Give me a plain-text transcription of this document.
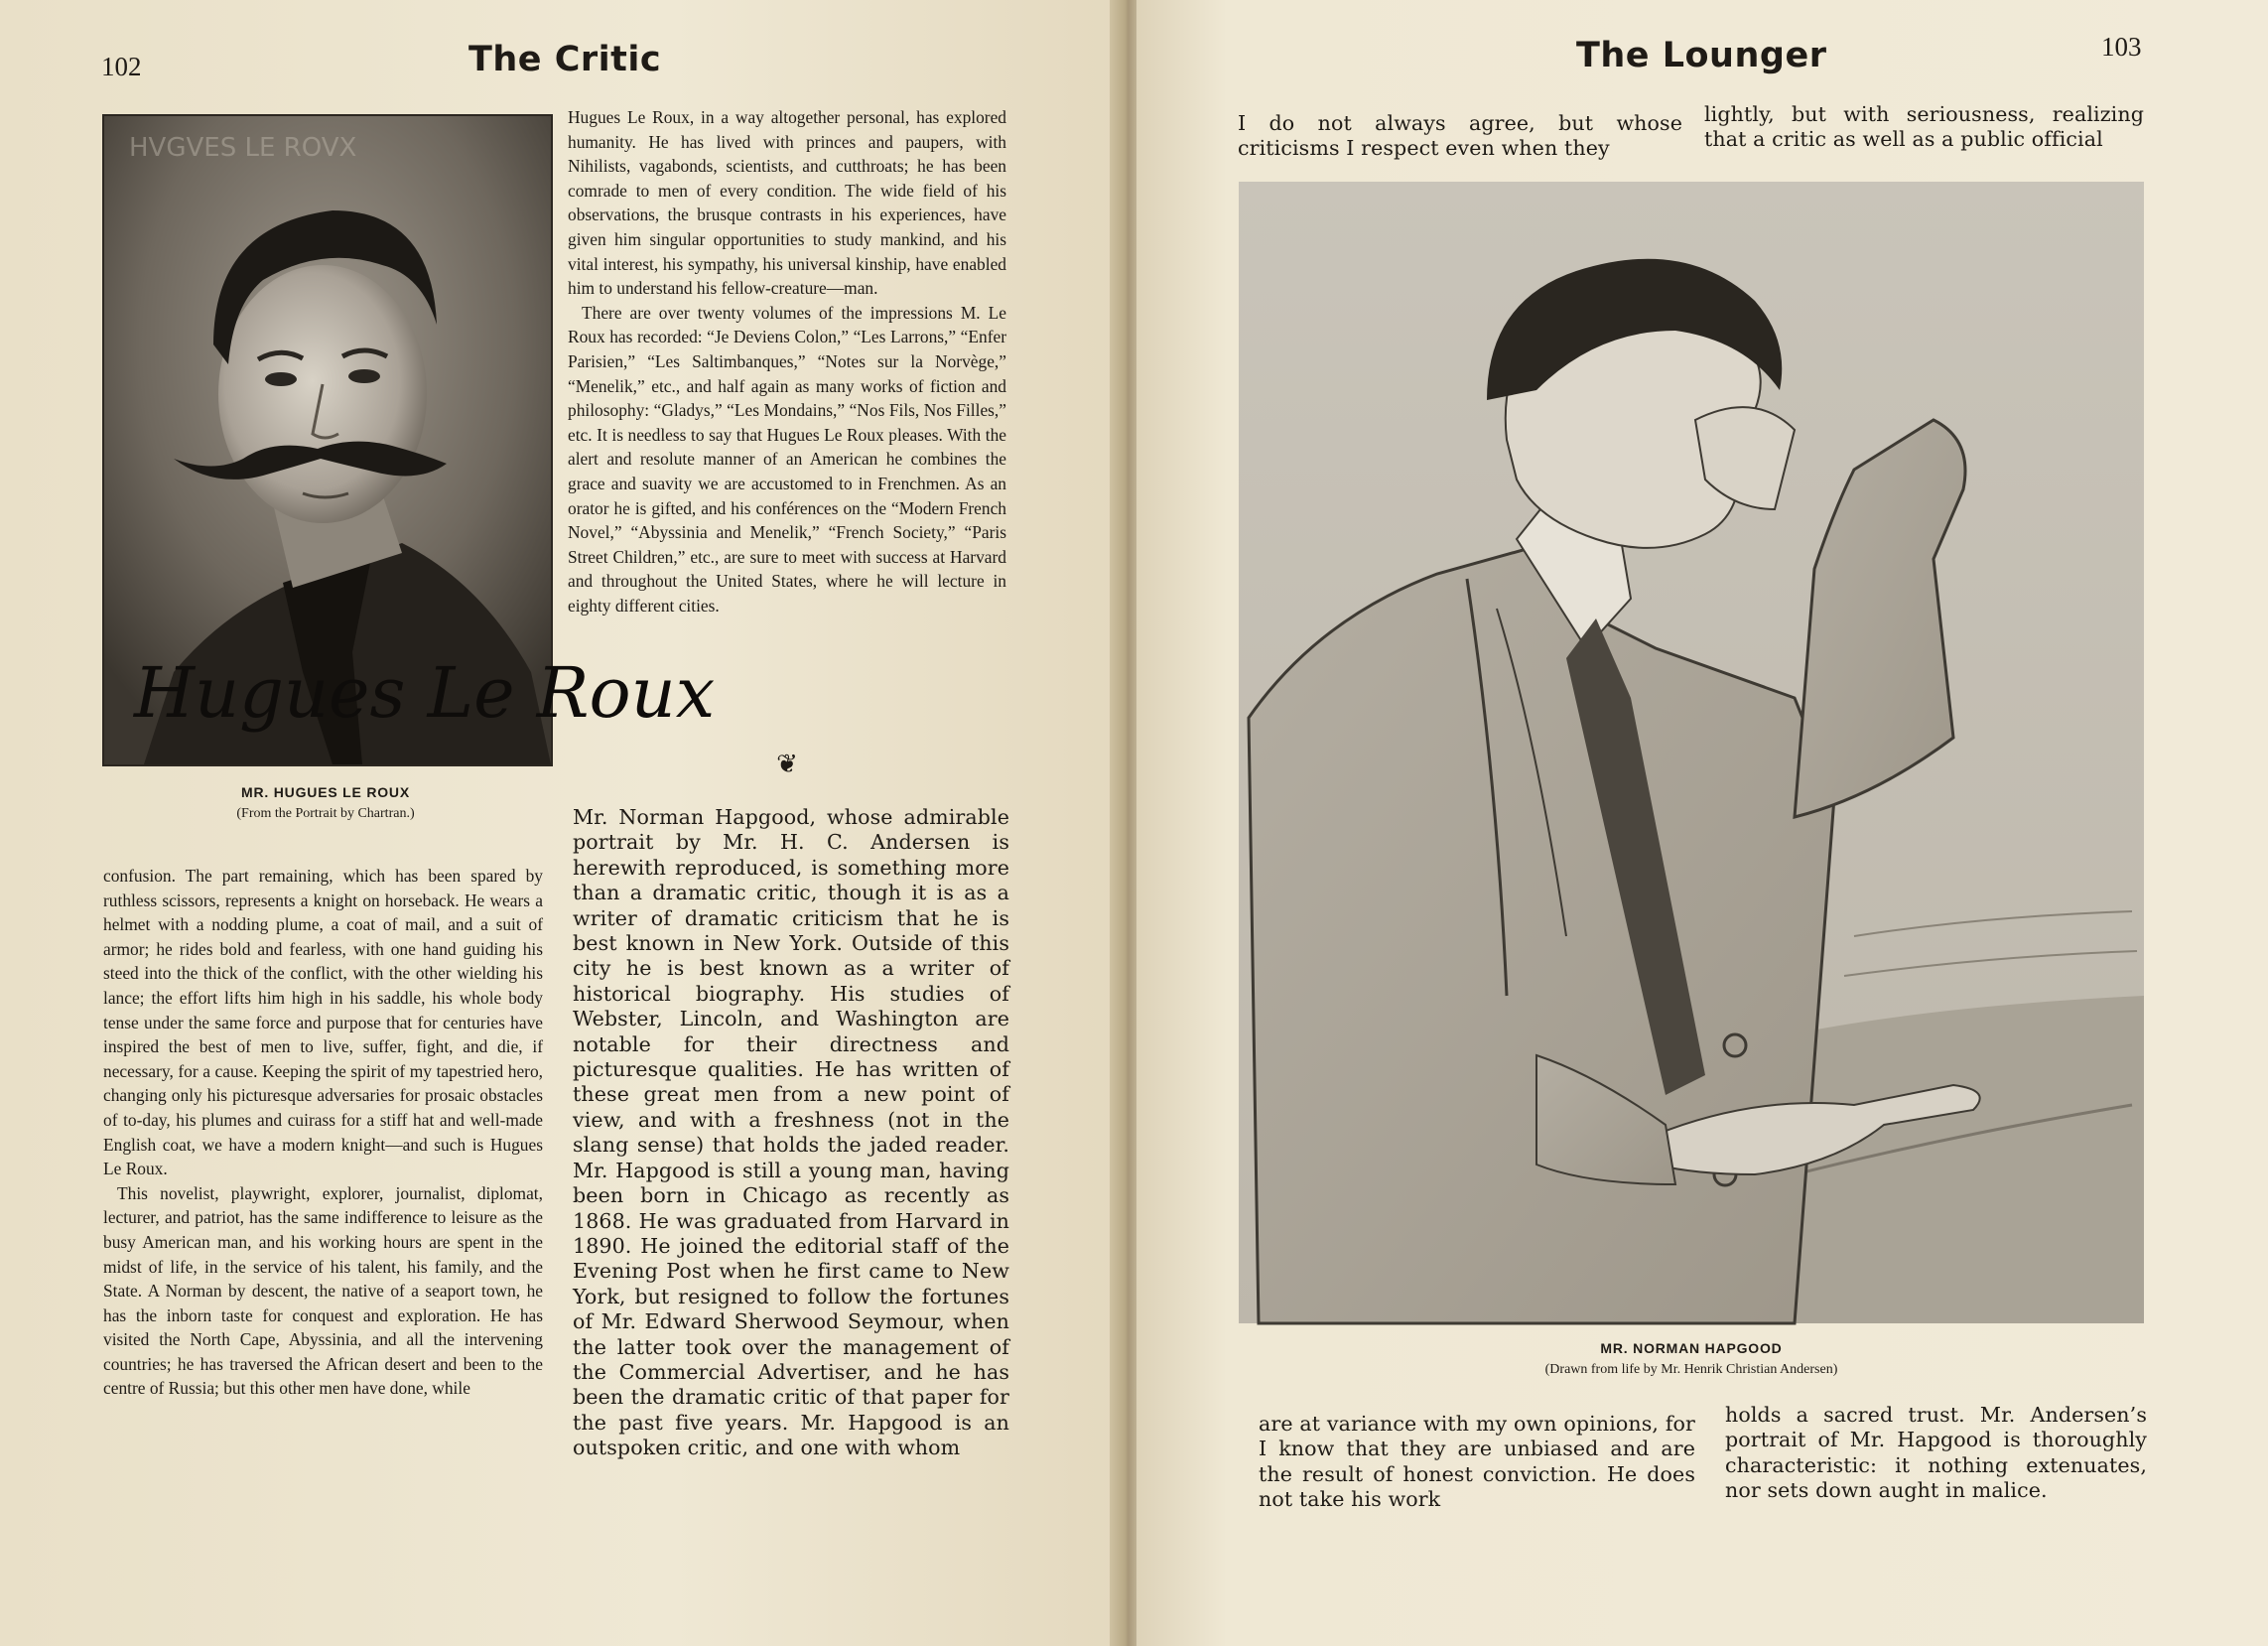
102	The Critic
Hugues Le Roux
HVGVES LE ROVX
MR. HUGUES LE ROUX
(From the Portrait by Chartran.)

confusion. The part remaining, which has been spared by ruthless scissors, represents a knight on horseback. He wears a helmet with a nodding plume, a coat of mail, and a suit of armor; he rides bold and fearless, with one hand guiding his steed into the thick of the conflict, with the other wielding his lance; the effort lifts him high in his saddle, his whole body tense under the same force and purpose that for centuries have inspired the best of men to live, suffer, fight, and die, if necessary, for a cause. Keeping the spirit of my tapestried hero, changing only his picturesque adversaries for prosaic obstacles of to-day, his plumes and cuirass for a stiff hat and well-made English coat, we have a modern knight—and such is Hugues Le Roux.

This novelist, playwright, explorer, journalist, diplomat, lecturer, and patriot, has the same indifference to leisure as the busy American man, and his working hours are spent in the midst of life, in the service of his talent, his family, and the State. A Norman by descent, the native of a seaport town, he has the inborn taste for conquest and exploration. He has visited the North Cape, Abyssinia, and all the intervening countries; he has traversed the African desert and been to the centre of Russia; but this other men have done, while

Hugues Le Roux, in a way altogether personal, has explored humanity. He has lived with princes and paupers, with Nihilists, vagabonds, scientists, and cutthroats; he has been comrade to men of every condition. The wide field of his observations, the brusque contrasts in his experiences, have given him singular opportunities to study mankind, and his vital interest, his sympathy, his universal kinship, have enabled him to understand his fellow-creature—man.

There are over twenty volumes of the impressions M. Le Roux has recorded: “Je Deviens Colon,” “Les Larrons,” “Enfer Parisien,” “Les Saltimbanques,” “Notes sur la Norvège,” “Menelik,” etc., and half again as many works of fiction and philosophy: “Gladys,” “Les Mondains,” “Nos Fils, Nos Filles,” etc. It is needless to say that Hugues Le Roux pleases. With the alert and resolute manner of an American he combines the grace and suavity we are accustomed to in Frenchmen. As an orator he is gifted, and his conférences on the “Modern French Novel,” “Abyssinia and Menelik,” “French Society,” “Paris Street Children,” etc., are sure to meet with success at Harvard and throughout the United States, where he will lecture in eighty different cities.

❦
Mr. Norman Hapgood, whose admirable portrait by Mr. H. C. Andersen is herewith reproduced, is something more than a dramatic critic, though it is as a writer of dramatic criticism that he is best known in New York. Outside of this city he is best known as a writer of historical biography. His studies of Webster, Lincoln, and Washington are notable for their directness and picturesque qualities. He has written of these great men from a new point of view, and with a freshness (not in the slang sense) that holds the jaded reader. Mr. Hapgood is still a young man, having been born in Chicago as recently as 1868. He was graduated from Harvard in 1890. He joined the editorial staff of the Evening Post when he first came to New York, but resigned to follow the fortunes of Mr. Edward Sherwood Seymour, when the latter took over the management of the Commercial Advertiser, and he has been the dramatic critic of that paper for the past five years. Mr. Hapgood is an outspoken critic, and one with whom
The Lounger	103
I do not always agree, but whose criticisms I respect even when they
lightly, but with seriousness, realizing that a critic as well as a public official
MR. NORMAN HAPGOOD
(Drawn from life by Mr. Henrik Christian Andersen)
are at variance with my own opinions, for I know that they are unbiased and are the result of honest conviction. He does not take his work
holds a sacred trust. Mr. Andersen’s portrait of Mr. Hapgood is thoroughly characteristic: it nothing extenuates, nor sets down aught in malice.
